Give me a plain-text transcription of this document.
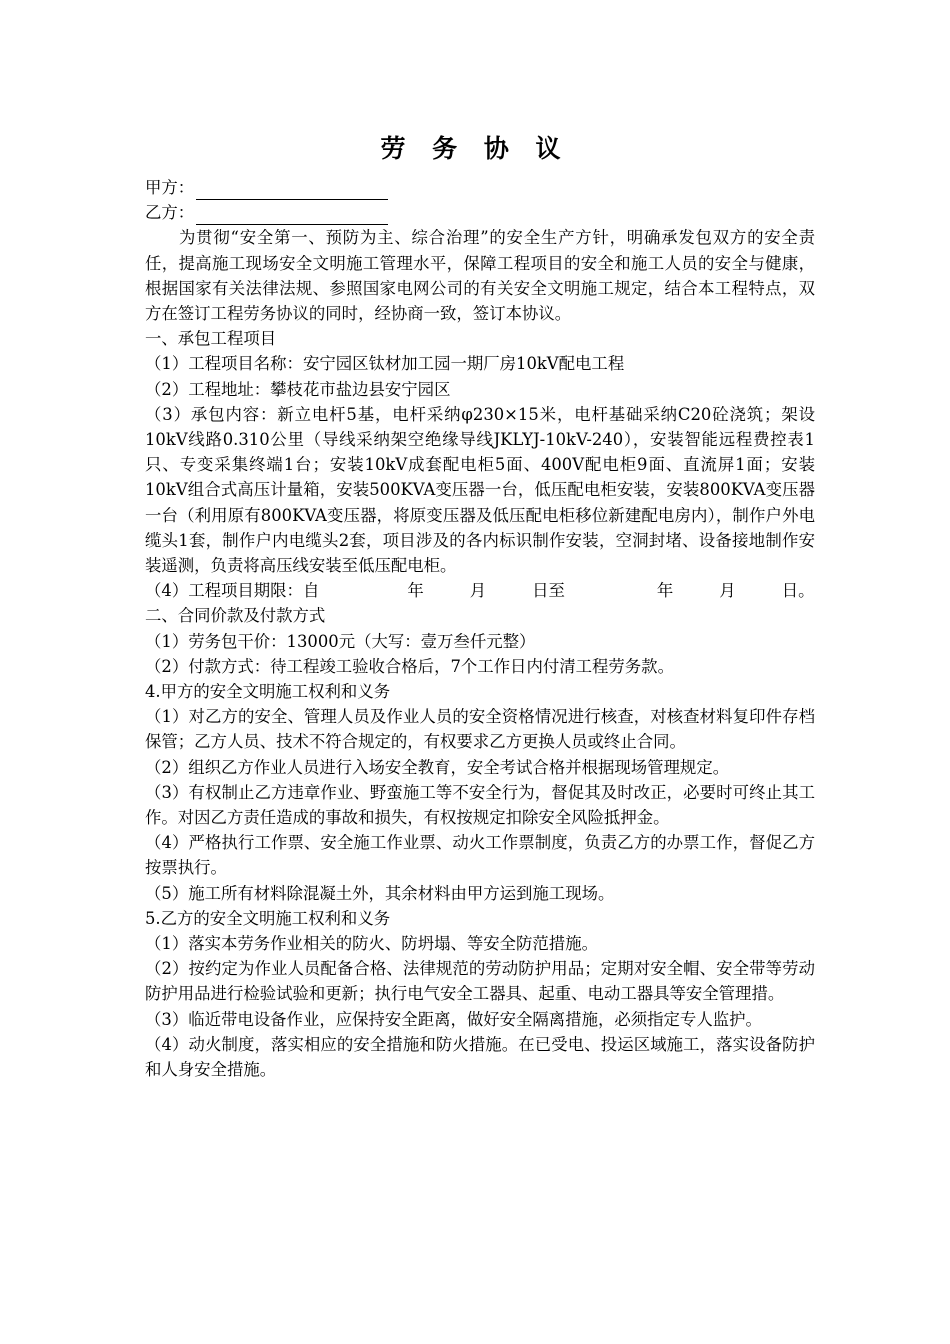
劳 务 协 议
甲方：
乙方：
为贯彻“安全第一、预防为主、综合治理”的安全生产方针，明确承发包双方的安全责任，提高施工现场安全文明施工管理水平，保障工程项目的安全和施工人员的安全与健康，根据国家有关法律法规、参照国家电网公司的有关安全文明施工规定，结合本工程特点，双方在签订工程劳务协议的同时，经协商一致，签订本协议。
一、承包工程项目
（1）工程项目名称：安宁园区钛材加工园一期厂房10kV配电工程
（2）工程地址：攀枝花市盐边县安宁园区
（3）承包内容：新立电杆5基，电杆采纳φ230×15米，电杆基础采纳C20砼浇筑；架设10kV线路0.310公里（导线采纳架空绝缘导线JKLYJ-10kV-240），安装智能远程费控表1只、专变采集终端1台；安装10kV成套配电柜5面、400V配电柜9面、直流屏1面；安装10kV组合式高压计量箱，安装500KVA变压器一台，低压配电柜安装，安装800KVA变压器一台（利用原有800KVA变压器，将原变压器及低压配电柜移位新建配电房内），制作户外电缆头1套，制作户内电缆头2套，项目涉及的各内标识制作安装，空洞封堵、设备接地制作安装遥测，负责将高压线安装至低压配电柜。
（4）工程项目期限：自	年	月	日至	年	月	日。
二、合同价款及付款方式
（1）劳务包干价：13000元（大写：壹万叁仟元整）
（2）付款方式：待工程竣工验收合格后，7个工作日内付清工程劳务款。
4.甲方的安全文明施工权利和义务
（1）对乙方的安全、管理人员及作业人员的安全资格情况进行核查，对核查材料复印件存档保管；乙方人员、技术不符合规定的，有权要求乙方更换人员或终止合同。
（2）组织乙方作业人员进行入场安全教育，安全考试合格并根据现场管理规定。
（3）有权制止乙方违章作业、野蛮施工等不安全行为，督促其及时改正，必要时可终止其工作。对因乙方责任造成的事故和损失，有权按规定扣除安全风险抵押金。
（4）严格执行工作票、安全施工作业票、动火工作票制度，负责乙方的办票工作，督促乙方按票执行。
（5）施工所有材料除混凝土外，其余材料由甲方运到施工现场。
5.乙方的安全文明施工权利和义务
（1）落实本劳务作业相关的防火、防坍塌、等安全防范措施。
（2）按约定为作业人员配备合格、法律规范的劳动防护用品；定期对安全帽、安全带等劳动防护用品进行检验试验和更新；执行电气安全工器具、起重、电动工器具等安全管理措。
（3）临近带电设备作业，应保持安全距离，做好安全隔离措施，必须指定专人监护。
（4）动火制度，落实相应的安全措施和防火措施。在已受电、投运区域施工，落实设备防护和人身安全措施。
